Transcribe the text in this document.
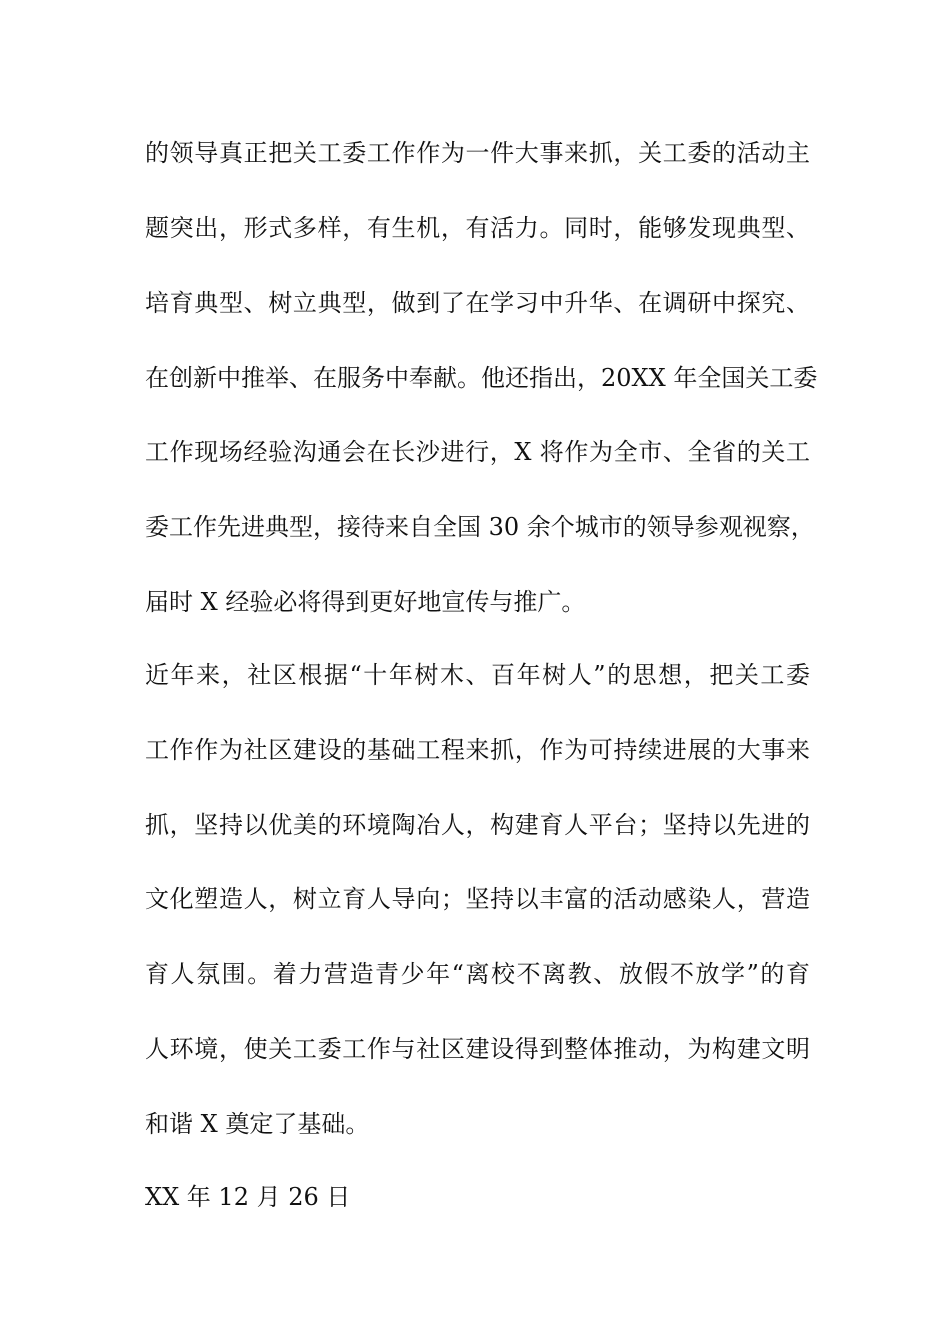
的领导真正把关工委工作作为一件大事来抓，关工委的活动主
题突出，形式多样，有生机，有活力。同时，能够发现典型、
培育典型、树立典型，做到了在学习中升华、在调研中探究、
在创新中推举、在服务中奉献。他还指出，20XX 年全国关工委
工作现场经验沟通会在长沙进行，X 将作为全市、全省的关工
委工作先进典型，接待来自全国 30 余个城市的领导参观视察，
届时 X 经验必将得到更好地宣传与推广。
近年来，社区根据“十年树木、百年树人”的思想，把关工委
工作作为社区建设的基础工程来抓，作为可持续进展的大事来
抓，坚持以优美的环境陶冶人，构建育人平台；坚持以先进的
文化塑造人，树立育人导向；坚持以丰富的活动感染人，营造
育人氛围。着力营造青少年“离校不离教、放假不放学”的育
人环境，使关工委工作与社区建设得到整体推动，为构建文明
和谐 X 奠定了基础。
XX 年 12 月 26 日
